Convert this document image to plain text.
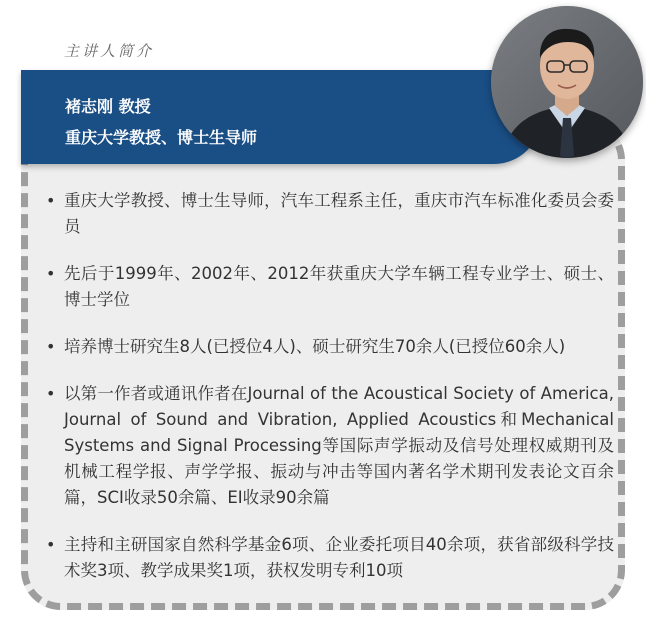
主讲人简介
褚志刚 教授
重庆大学教授、博士生导师
• 重庆大学教授、博士生导师，汽车工程系主任，重庆市汽车标准化委员会委员
• 先后于1999年、2002年、2012年获重庆大学车辆工程专业学士、硕士、博士学位
• 培养博士研究生8人(已授位4人)、硕士研究生70余人(已授位60余人)
• 以第一作者或通讯作者在Journal of the Acoustical Society of America, Journal of Sound and Vibration, Applied Acoustics和Mechanical Systems and Signal Processing等国际声学振动及信号处理权威期刊及机械工程学报、声学学报、振动与冲击等国内著名学术期刊发表论文百余篇，SCI收录50余篇、EI收录90余篇
• 主持和主研国家自然科学基金6项、企业委托项目40余项，获省部级科学技术奖3项、教学成果奖1项，获权发明专利10项
